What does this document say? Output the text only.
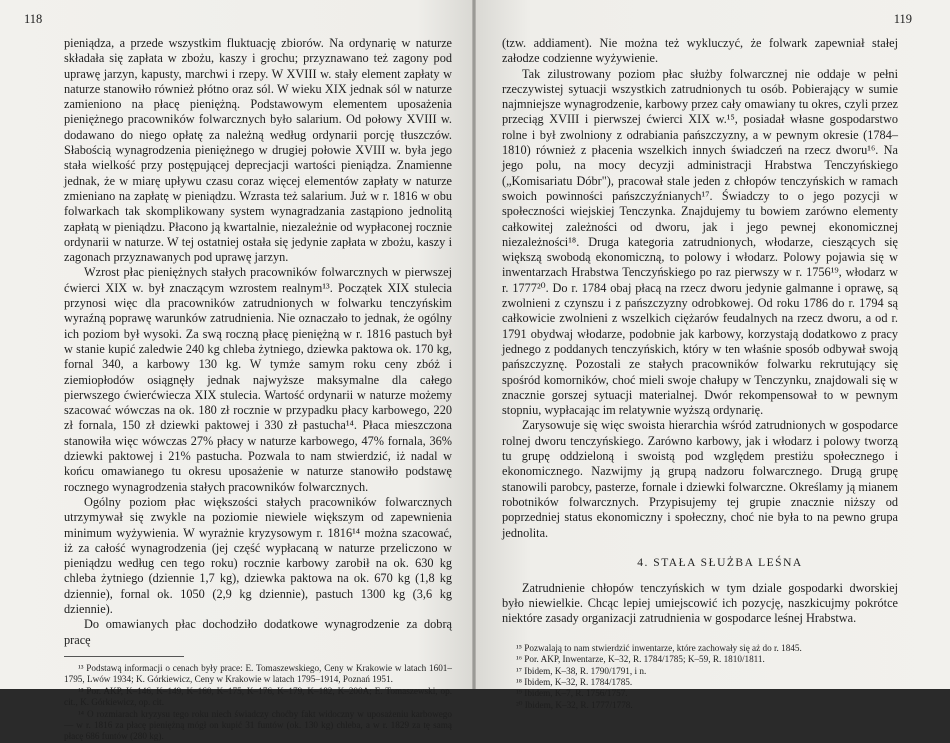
118

pieniądza, a przede wszystkim fluktuację zbiorów. Na ordynarię w naturze składała się zapłata w zbożu, kaszy i grochu; przyznawano też zagony pod uprawę jarzyn, kapusty, marchwi i rzepy. W XVIII w. stały element zapłaty w naturze stanowiło również płótno oraz sól. W wieku XIX jednak sól w naturze zamieniono na płacę pieniężną. Podstawowym elementem uposażenia pieniężnego pracowników folwarcznych było salarium. Od połowy XVIII w. dodawano do niego opłatę za należną według ordynarii porcję tłuszczów. Słabością wynagrodzenia pieniężnego w drugiej połowie XVIII w. była jego stała wielkość przy postępującej deprecjacji wartości pieniądza. Znamienne jednak, że w miarę upływu czasu coraz więcej elementów zapłaty w naturze zmieniano na zapłatę w pieniądzu. Wzrasta też salarium. Już w r. 1816 w obu folwarkach tak skomplikowany system wynagradzania zastąpiono jednolitą zapłatą w pieniądzu. Płacono ją kwartalnie, niezależnie od wypłaconej rocznie ordynarii w naturze. W tej ostatniej ostała się jedynie zapłata w zbożu, kaszy i zagonach przyznawanych pod uprawę jarzyn.

Wzrost płac pieniężnych stałych pracowników folwarcznych w pierwszej ćwierci XIX w. był znaczącym wzrostem realnym¹³. Początek XIX stulecia przynosi więc dla pracowników zatrudnionych w folwarku tenczyńskim wyraźną poprawę warunków zatrudnienia. Nie oznaczało to jednak, że ogólny ich poziom był wysoki. Za swą roczną płacę pieniężną w r. 1816 pastuch był w stanie kupić zaledwie 240 kg chleba żytniego, dziewka paktowa ok. 170 kg, fornal 340, a karbowy 130 kg. W tymże samym roku ceny zbóż i ziemiopłodów osiągnęły jednak najwyższe maksymalne dla całego pierwszego ćwierćwiecza XIX stulecia. Wartość ordynarii w naturze możemy szacować wówczas na ok. 180 zł rocznie w przypadku płacy karbowego, 220 zł fornala, 150 zł dziewki paktowej i 330 zł pastucha¹⁴. Płaca mieszczona stanowiła więc wówczas 27% płacy w naturze karbowego, 47% fornala, 36% dziewki paktowej i 21% pastucha. Pozwala to nam stwierdzić, iż nadal w końcu omawianego tu okresu uposażenie w naturze stanowiło podstawę rocznego wynagrodzenia stałych pracowników folwarcznych.

Ogólny poziom płac większości stałych pracowników folwarcznych utrzymywał się zwykle na poziomie niewiele większym od zapewnienia minimum wyżywienia. W wyrażnie kryzysowym r. 1816¹⁴ można szacować, iż za całość wynagrodzenia (jej część wypłacaną w naturze przeliczono w pieniądzu według cen tego roku) rocznie karbowy zarobił na ok. 630 kg chleba żytniego (dziennie 1,7 kg), dziewka paktowa na ok. 670 kg (1,8 kg dziennie), fornal ok. 1050 (2,9 kg dziennie), pastuch 1300 kg (3,6 kg dziennie).

Do omawianych płac dochodziło dodatkowe wynagrodzenie za dobrą pracę

¹³ Podstawą informacji o cenach były prace: E. Tomaszewskiego, Ceny w Krakowie w latach 1601–1795, Lwów 1934; K. Górkiewicz, Ceny w Krakowie w latach 1795–1914, Poznań 1951.

¹³ Por. AKP, K–146, K–149, K–160, K–175, K–176, K–179, K–182, K–200A; E. Tomaszewski, op. cit., K. Górkiewicz, op. cit.

¹⁴ O rozmiarach kryzysu tego roku niech świadczy choćby fakt widoczny w uposażeniu karbowego — w r. 1816 za płacę pieniężną mógł on kupić 31 funtów (ok. 130 kg) chleba, a w r. 1829 za tę samą płacę 686 funtów (280 kg).

119

(tzw. addiament). Nie można też wykluczyć, że folwark zapewniał stałej załodze codzienne wyżywienie.

Tak zilustrowany poziom płac służby folwarcznej nie oddaje w pełni rzeczywistej sytuacji wszystkich zatrudnionych tu osób. Pobierający w sumie najmniejsze wynagrodzenie, karbowy przez cały omawiany tu okres, czyli przez przeciąg XVIII i pierwszej ćwierci XIX w.¹⁵, posiadał własne gospodarstwo rolne i był zwolniony z odrabiania pańszczyzny, a w pewnym okresie (1784–1810) również z płacenia wszelkich innych świadczeń na rzecz dworu¹⁶. Na jego polu, na mocy decyzji administracji Hrabstwa Tenczyńskiego („Komisariatu Dóbr"), pracował stale jeden z chłopów tenczyńskich w ramach swoich powinności pańszczyźnianych¹⁷. Świadczy to o jego pozycji w społeczności wiejskiej Tenczynka. Znajdujemy tu bowiem zarówno elementy całkowitej zależności od dworu, jak i jego pewnej ekonomicznej niezależności¹⁸. Druga kategoria zatrudnionych, włodarze, cieszących się większą swobodą ekonomiczną, to polowy i włodarz. Polowy pojawia się w inwentarzach Hrabstwa Tenczyńskiego po raz pierwszy w r. 1756¹⁹, włodarz w r. 1777²⁰. Do r. 1784 obaj płacą na rzecz dworu jedynie galmanne i oprawę, są zwolnieni z czynszu i z pańszczyzny odrobkowej. Od roku 1786 do r. 1794 są całkowicie zwolnieni z wszelkich ciężarów feudalnych na rzecz dworu, a od r. 1791 obydwaj włodarze, podobnie jak karbowy, korzystają dodatkowo z pracy jednego z poddanych tenczyńskich, który w ten właśnie sposób odbywał swoją pańszczyznę. Pozostali ze stałych pracowników folwarku rekrutujący się spośród komorników, choć mieli swoje chałupy w Tenczynku, znajdowali się w znacznie gorszej sytuacji materialnej. Dwór rekompensował to w pewnym stopniu, wypłacając im relatywnie wyższą ordynarię.

Zarysowuje się więc swoista hierarchia wśród zatrudnionych w gospodarce rolnej dworu tenczyńskiego. Zarówno karbowy, jak i włodarz i polowy tworzą tu grupę oddzieloną i swoistą pod względem prestiżu społecznego i ekonomicznego. Nazwijmy ją grupą nadzoru folwarcznego. Drugą grupę stanowili parobcy, pasterze, fornale i dziewki folwarczne. Określamy ją mianem robotników folwarcznych. Przypisujemy tej grupie znacznie niższy od poprzedniej status ekonomiczny i społeczny, choć nie była to na pewno grupa jednolita.

4. STAŁA SŁUŻBA LEŚNA

Zatrudnienie chłopów tenczyńskich w tym dziale gospodarki dworskiej było niewielkie. Chcąc lepiej umiejscowić ich pozycję, naszkicujmy pokrótce niektóre zasady organizacji zatrudnienia w gospodarce leśnej Hrabstwa.

¹⁵ Pozwalają to nam stwierdzić inwentarze, które zachowały się aż do r. 1845.

¹⁶ Por. AKP, Inwentarze, K–32, R. 1784/1785; K–59, R. 1810/1811.

¹⁷ Ibidem, K–38, R. 1790/1791, i n.

¹⁸ Ibidem, K–32, R. 1784/1785.

¹⁹ Ibidem, K–7, R. 1756/1757.

²⁰ Ibidem, K–32, R. 1777/1778.
